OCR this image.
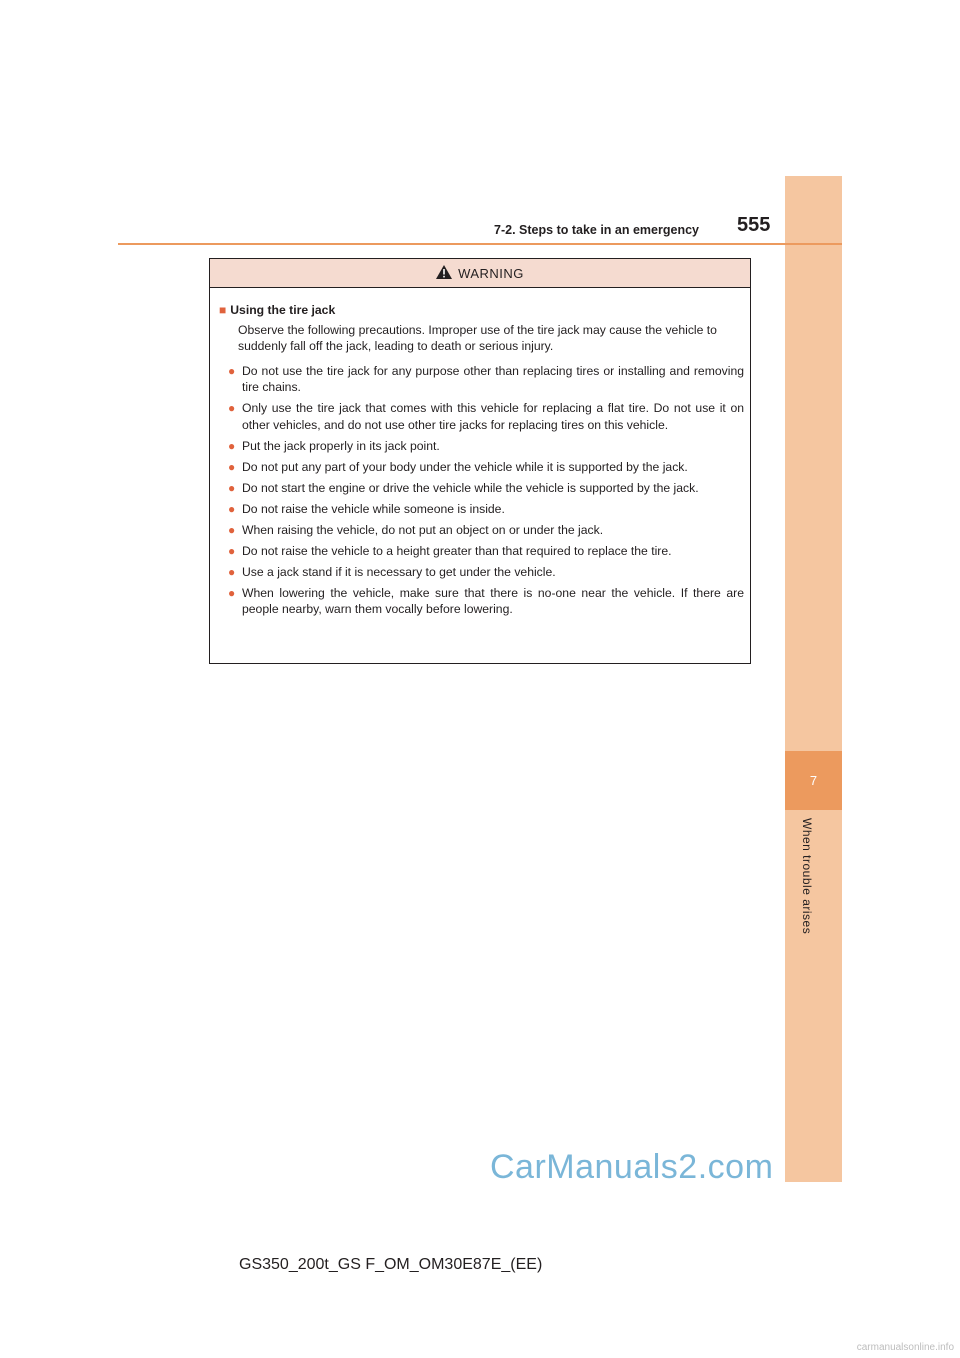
7
When trouble arises
7-2. Steps to take in an emergency 555
WARNING
■ Using the tire jack
Observe the following precautions. Improper use of the tire jack may cause the vehicle to suddenly fall off the jack, leading to death or serious injury.
● Do not use the tire jack for any purpose other than replacing tires or installing and removing tire chains.
● Only use the tire jack that comes with this vehicle for replacing a flat tire. Do not use it on other vehicles, and do not use other tire jacks for replacing tires on this vehicle.
● Put the jack properly in its jack point.
● Do not put any part of your body under the vehicle while it is supported by the jack.
● Do not start the engine or drive the vehicle while the vehicle is supported by the jack.
● Do not raise the vehicle while someone is inside.
● When raising the vehicle, do not put an object on or under the jack.
● Do not raise the vehicle to a height greater than that required to replace the tire.
● Use a jack stand if it is necessary to get under the vehicle.
● When lowering the vehicle, make sure that there is no-one near the vehicle. If there are people nearby, warn them vocally before lowering.
CarManuals2.com
GS350_200t_GS F_OM_OM30E87E_(EE)
carmanualsonline.info
